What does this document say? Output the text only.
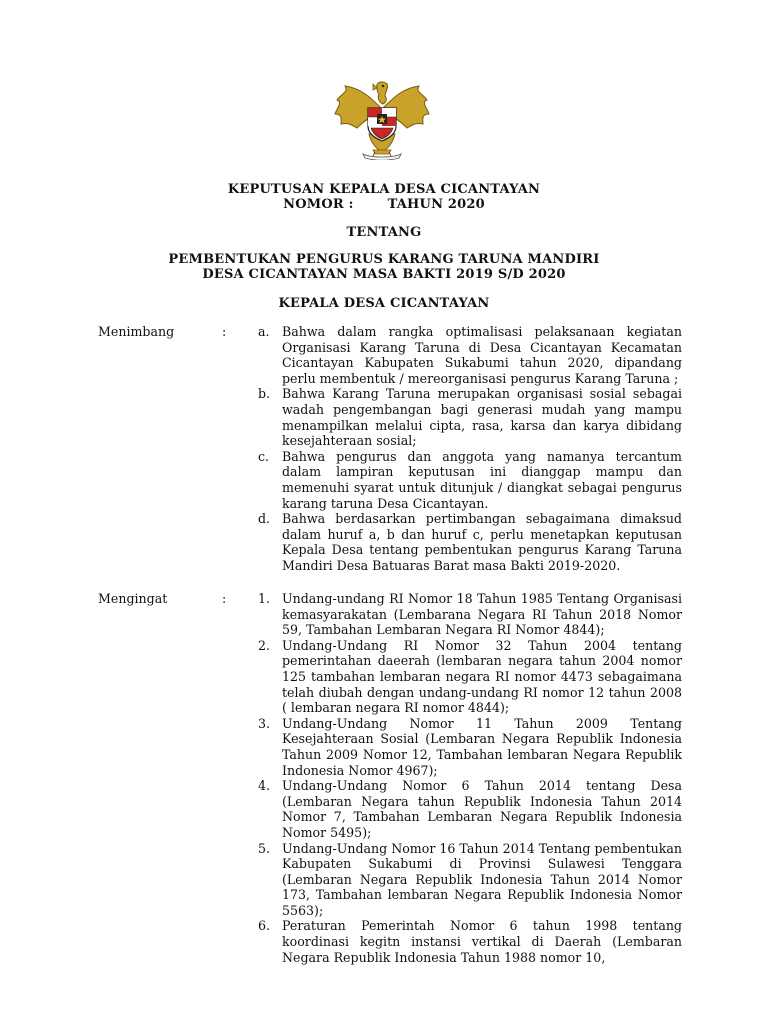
KEPUTUSAN KEPALA DESA CICANTAYAN
NOMOR :	TAHUN 2020
TENTANG
PEMBENTUKAN PENGURUS KARANG TARUNA MANDIRI
DESA CICANTAYAN MASA BAKTI 2019 S/D 2020
KEPALA DESA CICANTAYAN
Menimbang	:	a. Bahwa dalam rangka optimalisasi pelaksanaan kegiatan Organisasi Karang Taruna di Desa Cicantayan Kecamatan Cicantayan Kabupaten Sukabumi tahun 2020, dipandang perlu membentuk / mereorganisasi pengurus Karang Taruna ;
b. Bahwa Karang Taruna merupakan organisasi sosial sebagai wadah pengembangan bagi generasi mudah yang mampu menampilkan melalui cipta, rasa, karsa dan karya dibidang kesejahteraan sosial;
c. Bahwa pengurus dan anggota yang namanya tercantum dalam lampiran keputusan ini dianggap mampu dan memenuhi syarat untuk ditunjuk / diangkat sebagai pengurus karang taruna Desa Cicantayan.
d. Bahwa berdasarkan pertimbangan sebagaimana dimaksud dalam huruf a, b dan huruf c, perlu menetapkan keputusan Kepala Desa tentang pembentukan pengurus Karang Taruna Mandiri Desa Batuaras Barat masa Bakti 2019-2020.
Mengingat	:	1. Undang-undang RI Nomor 18 Tahun 1985 Tentang Organisasi kemasyarakatan (Lembarana Negara RI Tahun 2018 Nomor 59, Tambahan Lembaran Negara RI Nomor 4844);
2. Undang-Undang RI Nomor 32 Tahun 2004 tentang pemerintahan daeerah (lembaran negara tahun 2004 nomor 125 tambahan lembaran negara RI nomor 4473 sebagaimana telah diubah dengan undang-undang RI nomor 12 tahun 2008 ( lembaran negara RI nomor 4844);
3. Undang-Undang Nomor 11 Tahun 2009 Tentang Kesejahteraan Sosial (Lembaran Negara Republik Indonesia Tahun 2009 Nomor 12, Tambahan lembaran Negara Republik Indonesia Nomor 4967);
4. Undang-Undang Nomor 6 Tahun 2014 tentang Desa (Lembaran Negara tahun Republik Indonesia Tahun 2014 Nomor 7, Tambahan Lembaran Negara Republik Indonesia Nomor 5495);
5. Undang-Undang Nomor 16 Tahun 2014 Tentang pembentukan Kabupaten Sukabumi di Provinsi Sulawesi Tenggara (Lembaran Negara Republik Indonesia Tahun 2014 Nomor 173, Tambahan lembaran Negara Republik Indonesia Nomor 5563);
6. Peraturan Pemerintah Nomor 6 tahun 1998 tentang koordinasi kegitn instansi vertikal di Daerah (Lembaran Negara Republik Indonesia Tahun 1988 nomor 10,
